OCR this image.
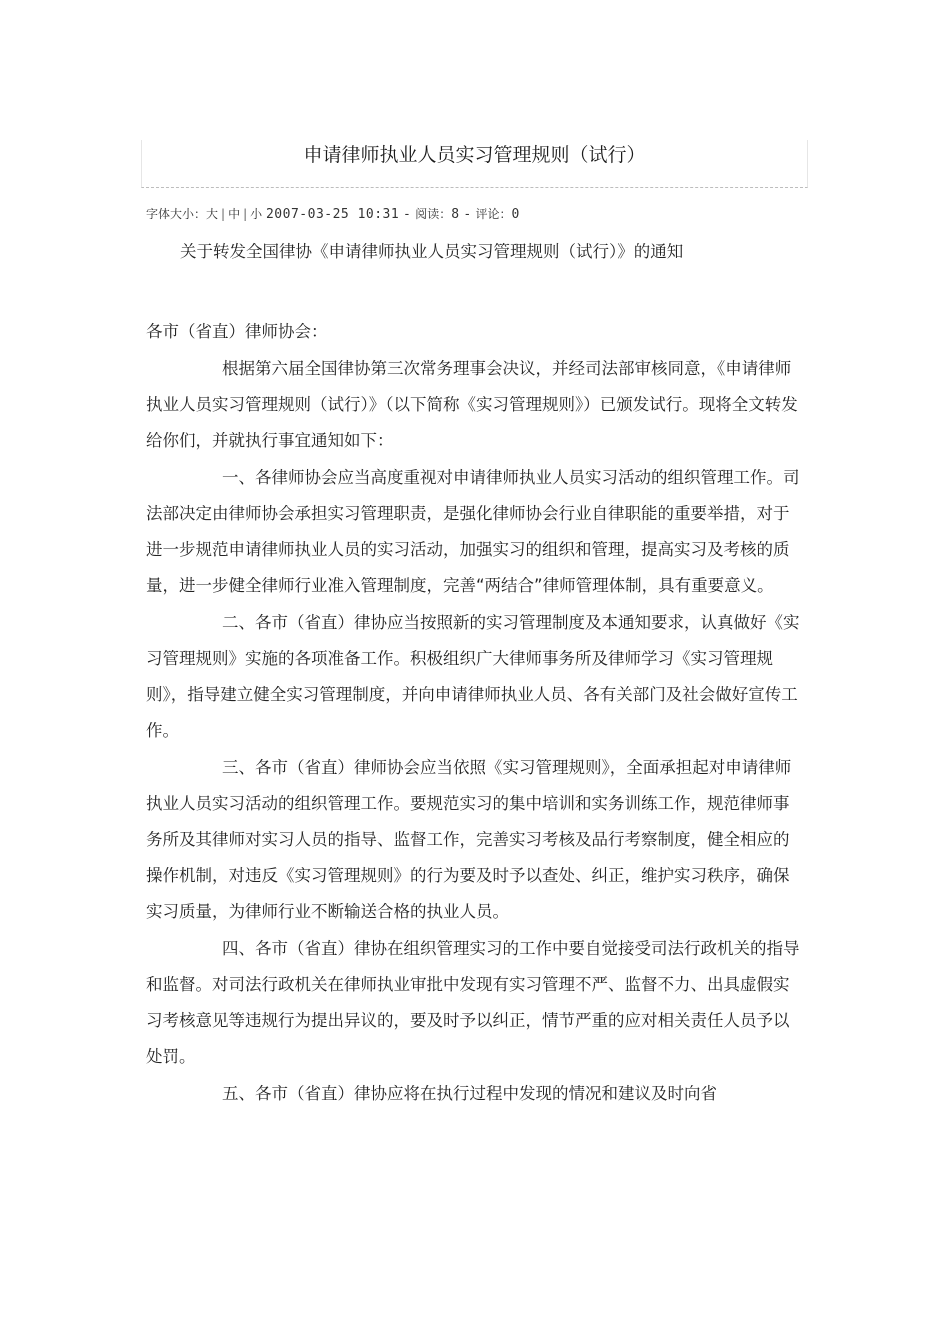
申请律师执业人员实习管理规则（试行）
字体大小：大 | 中 | 小 2007-03-25 10:31 - 阅读：8 - 评论：0
关于转发全国律协《申请律师执业人员实习管理规则（试行）》的通知

各市（省直）律师协会：

根据第六届全国律协第三次常务理事会决议，并经司法部审核同意，《申请律师执业人员实习管理规则（试行）》（以下简称《实习管理规则》）已颁发试行。现将全文转发给你们，并就执行事宜通知如下：

一、各律师协会应当高度重视对申请律师执业人员实习活动的组织管理工作。司法部决定由律师协会承担实习管理职责，是强化律师协会行业自律职能的重要举措，对于进一步规范申请律师执业人员的实习活动，加强实习的组织和管理，提高实习及考核的质量，进一步健全律师行业准入管理制度，完善“两结合”律师管理体制，具有重要意义。

二、各市（省直）律协应当按照新的实习管理制度及本通知要求，认真做好《实习管理规则》实施的各项准备工作。积极组织广大律师事务所及律师学习《实习管理规则》，指导建立健全实习管理制度，并向申请律师执业人员、各有关部门及社会做好宣传工作。

三、各市（省直）律师协会应当依照《实习管理规则》，全面承担起对申请律师执业人员实习活动的组织管理工作。要规范实习的集中培训和实务训练工作，规范律师事务所及其律师对实习人员的指导、监督工作，完善实习考核及品行考察制度，健全相应的操作机制，对违反《实习管理规则》的行为要及时予以查处、纠正，维护实习秩序，确保实习质量，为律师行业不断输送合格的执业人员。

四、各市（省直）律协在组织管理实习的工作中要自觉接受司法行政机关的指导和监督。对司法行政机关在律师执业审批中发现有实习管理不严、监督不力、出具虚假实习考核意见等违规行为提出异议的，要及时予以纠正，情节严重的应对相关责任人员予以处罚。

五、各市（省直）律协应将在执行过程中发现的情况和建议及时向省
